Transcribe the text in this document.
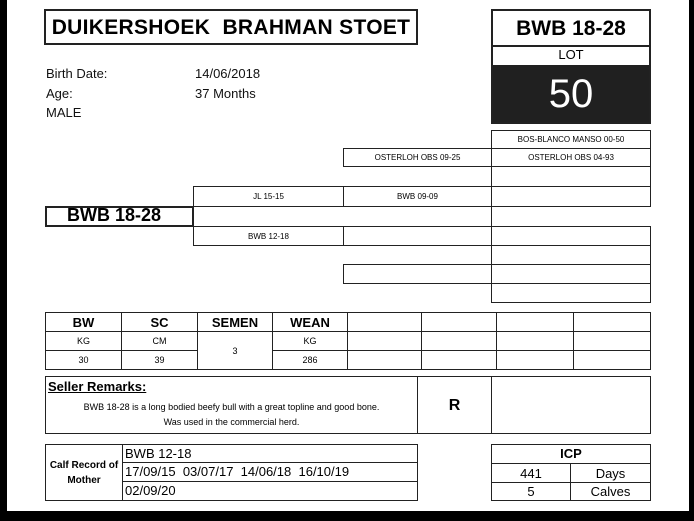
DUIKERSHOEK  BRAHMAN STOET	BWB 18-28
LOT
50
Birth Date:	14/06/2018
Age:	37 Months
MALE
BOS-BLANCO MANSO 00-50
OSTERLOH OBS 04-93
OSTERLOH OBS 09-25
BWB 09-09
JL 15-15
BWB 12-18
BWB 18-28
BW	SC	SEMEN	WEAN				
KG	CM	3	KG				
30	39		286				
Seller Remarks:
BWB 18-28 is a long bodied beefy bull with a great topline and good bone.
Was used in the commercial herd.
R
Calf Record of
Mother
BWB 12-18
17/09/15  03/07/17  14/06/18  16/10/19
02/09/20
ICP
441	Days
5	Calves
